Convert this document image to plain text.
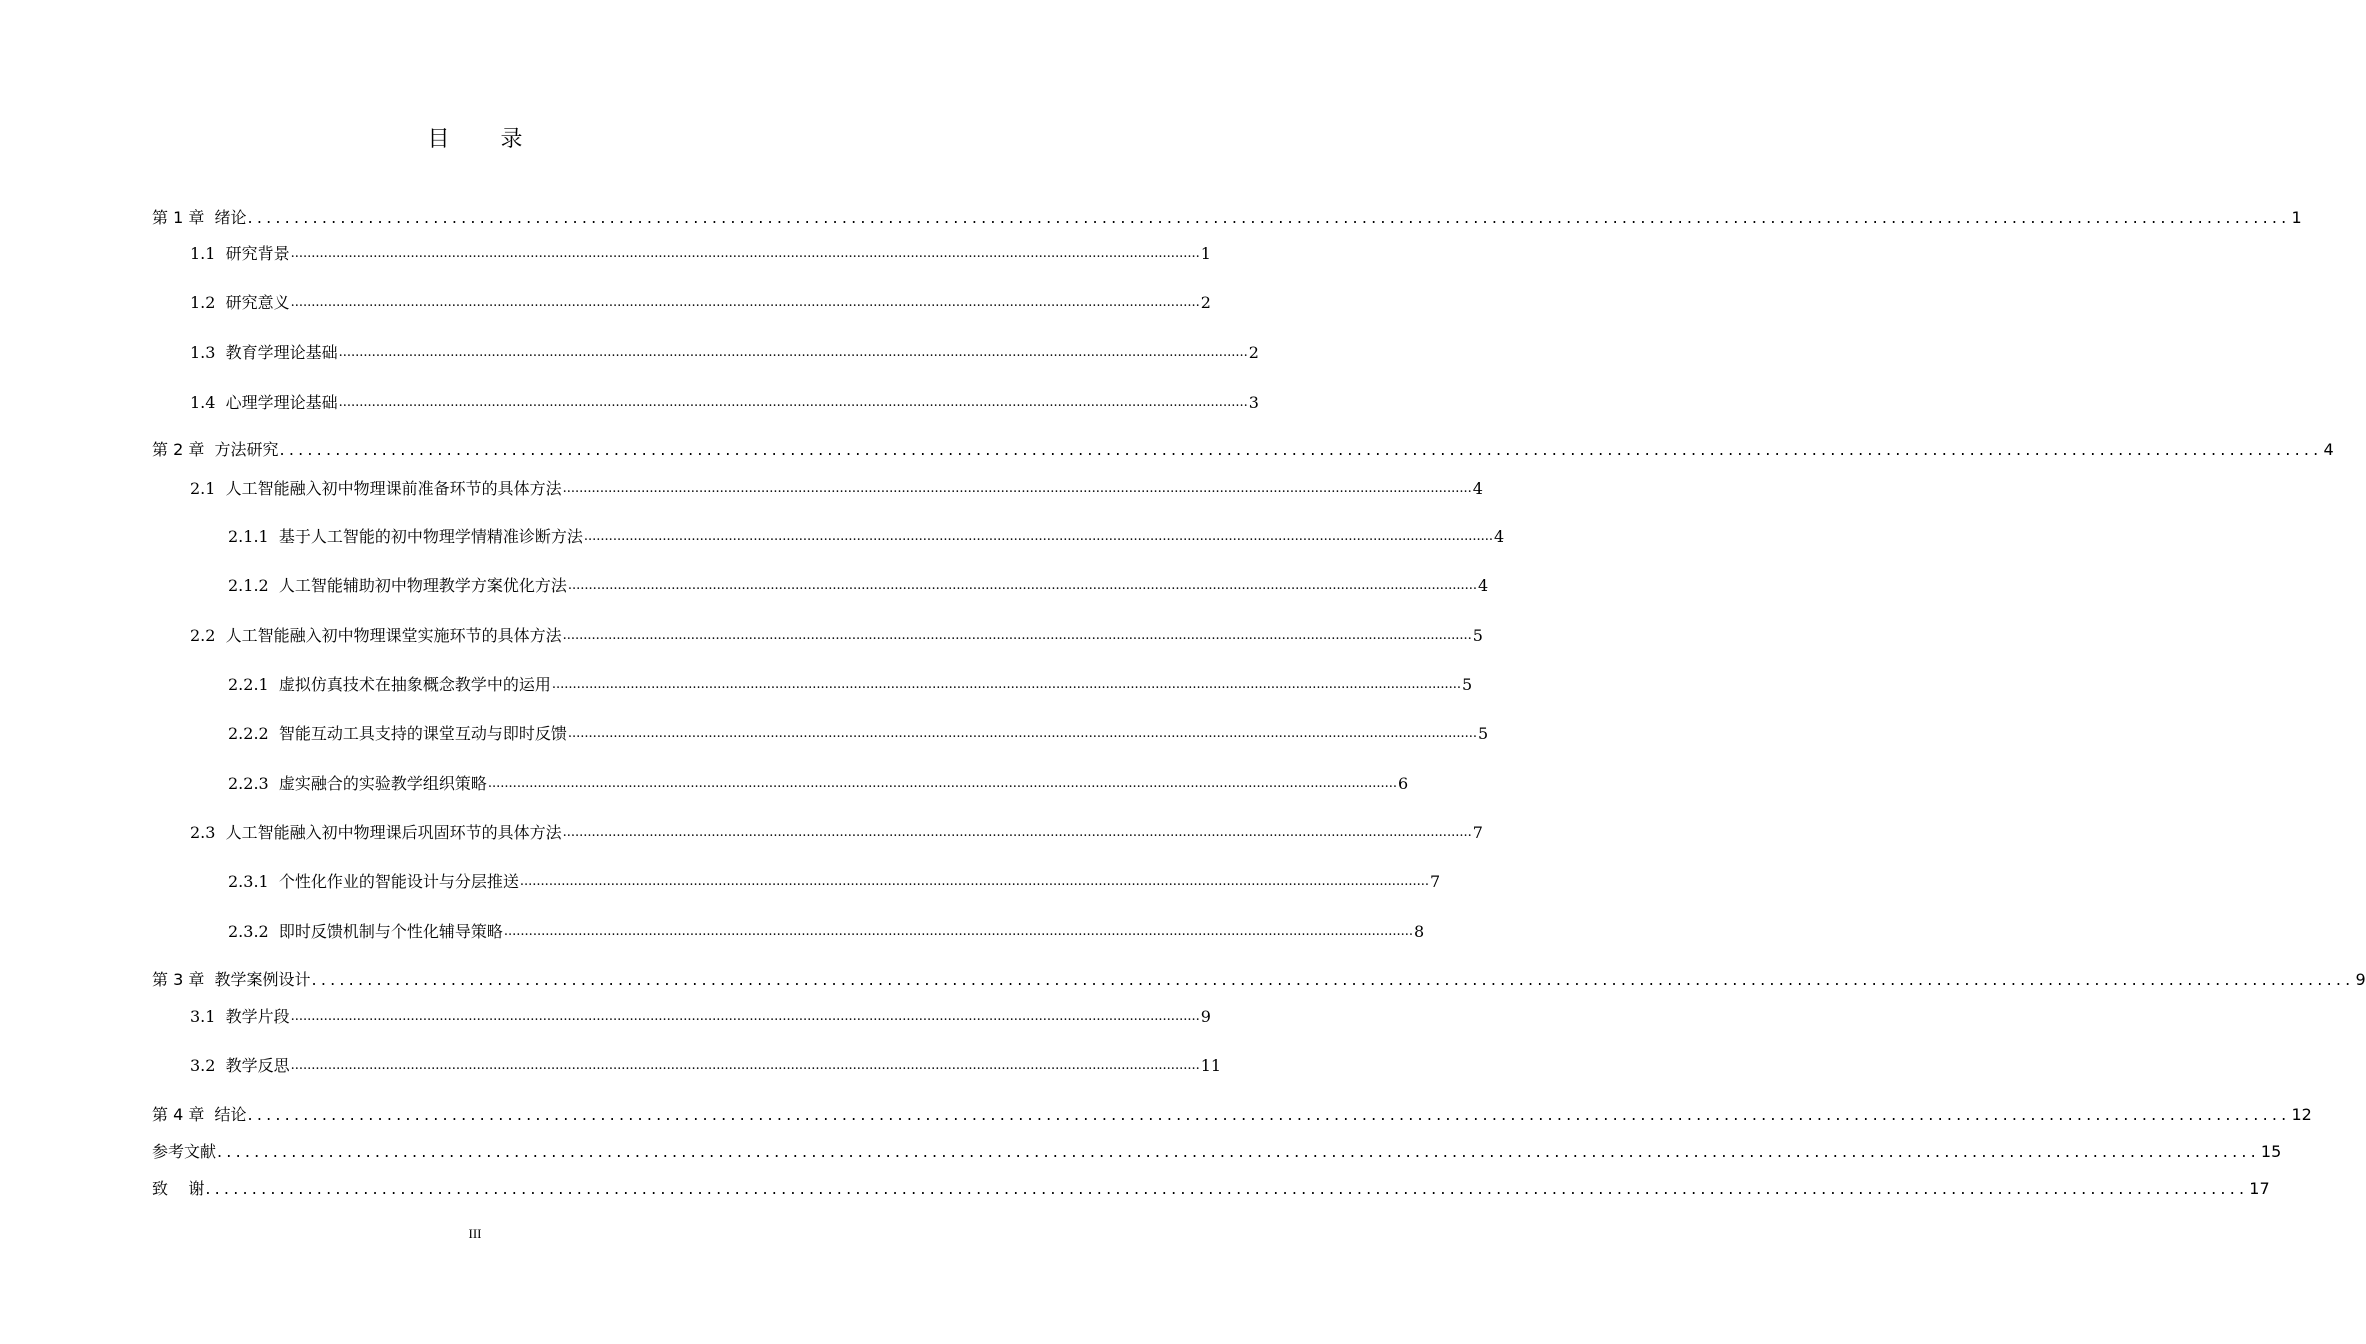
目 录
第 1 章  绪论 ............................................................................................................................................................................................................................ 1
1.1  研究背景 ............................................................................................................................................................................................................................ 1
1.2  研究意义 ............................................................................................................................................................................................................................ 2
1.3  教育学理论基础 ............................................................................................................................................................................................................................ 2
1.4  心理学理论基础 ............................................................................................................................................................................................................................ 3
第 2 章  方法研究 ............................................................................................................................................................................................................................ 4
2.1  人工智能融入初中物理课前准备环节的具体方法 ............................................................................................................................................................................................................................ 4
2.1.1  基于人工智能的初中物理学情精准诊断方法 ............................................................................................................................................................................................................................ 4
2.1.2  人工智能辅助初中物理教学方案优化方法 ............................................................................................................................................................................................................................ 4
2.2  人工智能融入初中物理课堂实施环节的具体方法 ............................................................................................................................................................................................................................ 5
2.2.1  虚拟仿真技术在抽象概念教学中的运用 ............................................................................................................................................................................................................................ 5
2.2.2  智能互动工具支持的课堂互动与即时反馈 ............................................................................................................................................................................................................................ 5
2.2.3  虚实融合的实验教学组织策略 ............................................................................................................................................................................................................................ 6
2.3  人工智能融入初中物理课后巩固环节的具体方法 ............................................................................................................................................................................................................................ 7
2.3.1  个性化作业的智能设计与分层推送 ............................................................................................................................................................................................................................ 7
2.3.2  即时反馈机制与个性化辅导策略 ............................................................................................................................................................................................................................ 8
第 3 章  教学案例设计 ............................................................................................................................................................................................................................ 9
3.1  教学片段 ............................................................................................................................................................................................................................ 9
3.2  教学反思 ............................................................................................................................................................................................................................ 11
第 4 章  结论 ............................................................................................................................................................................................................................ 12
参考文献 ............................................................................................................................................................................................................................ 15
致    谢 ............................................................................................................................................................................................................................ 17
III
